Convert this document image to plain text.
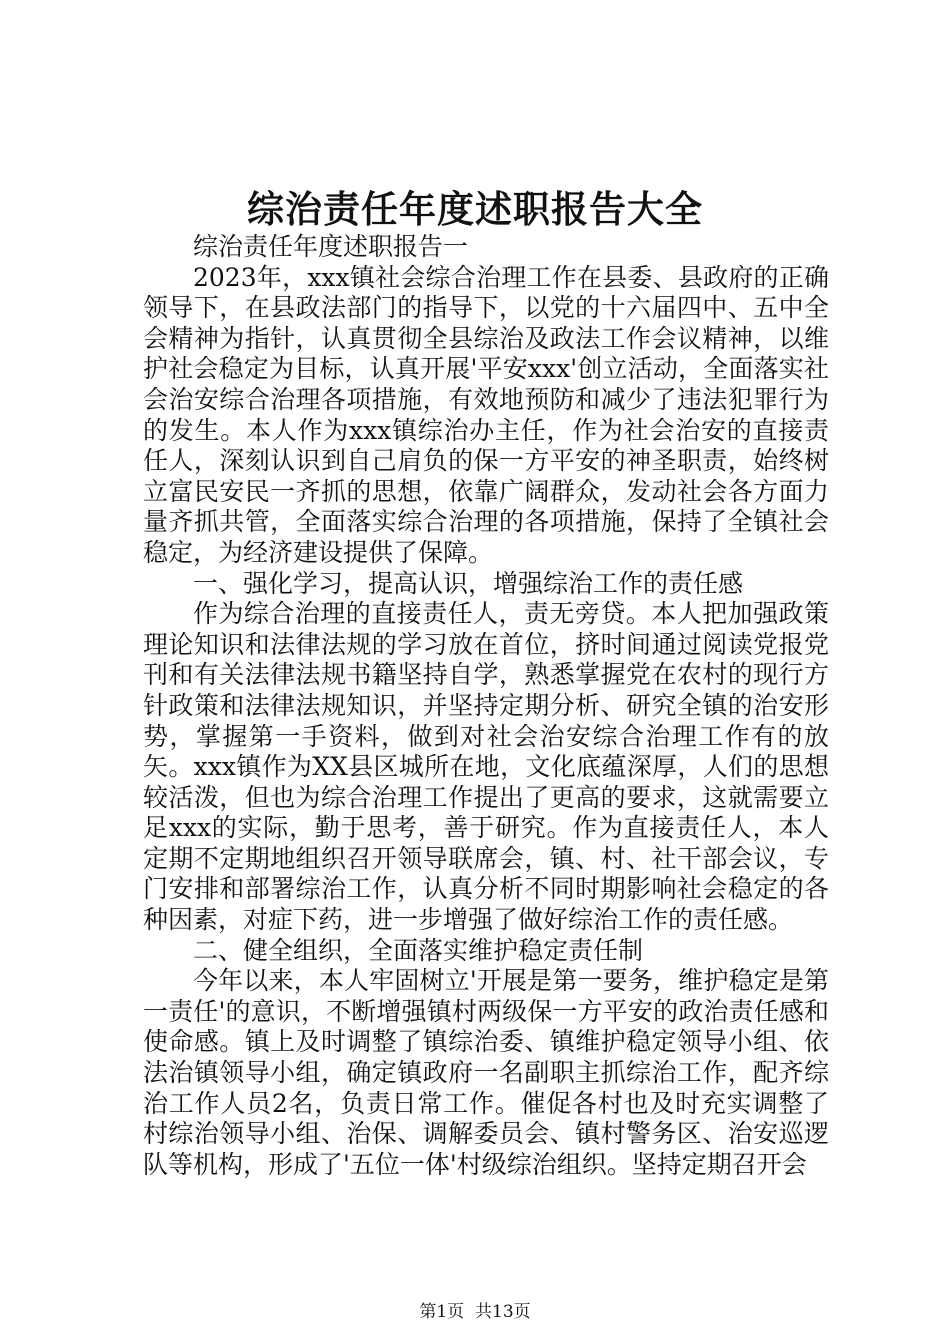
综治责任年度述职报告大全

综治责任年度述职报告一

2023年，xxx镇社会综合治理工作在县委、县政府的正确领导下，在县政法部门的指导下，以党的十六届四中、五中全会精神为指针，认真贯彻全县综治及政法工作会议精神，以维护社会稳定为目标，认真开展'平安xxx'创立活动，全面落实社会治安综合治理各项措施，有效地预防和减少了违法犯罪行为的发生。本人作为xxx镇综治办主任，作为社会治安的直接责任人，深刻认识到自己肩负的保一方平安的神圣职责，始终树立富民安民一齐抓的思想，依靠广阔群众，发动社会各方面力量齐抓共管，全面落实综合治理的各项措施，保持了全镇社会稳定，为经济建设提供了保障。

一、强化学习，提高认识，增强综治工作的责任感

作为综合治理的直接责任人，责无旁贷。本人把加强政策理论知识和法律法规的学习放在首位，挤时间通过阅读党报党刊和有关法律法规书籍坚持自学，熟悉掌握党在农村的现行方针政策和法律法规知识，并坚持定期分析、研究全镇的治安形势，掌握第一手资料，做到对社会治安综合治理工作有的放矢。xxx镇作为XX县区城所在地，文化底蕴深厚，人们的思想较活泼，但也为综合治理工作提出了更高的要求，这就需要立足xxx的实际，勤于思考，善于研究。作为直接责任人，本人定期不定期地组织召开领导联席会，镇、村、社干部会议，专门安排和部署综治工作，认真分析不同时期影响社会稳定的各种因素，对症下药，进一步增强了做好综治工作的责任感。

二、健全组织，全面落实维护稳定责任制

今年以来，本人牢固树立'开展是第一要务，维护稳定是第一责任'的意识，不断增强镇村两级保一方平安的政治责任感和使命感。镇上及时调整了镇综治委、镇维护稳定领导小组、依法治镇领导小组，确定镇政府一名副职主抓综治工作，配齐综治工作人员2名，负责日常工作。催促各村也及时充实调整了村综治领导小组、治保、调解委员会、镇村警务区、治安巡逻队等机构，形成了'五位一体'村级综治组织。坚持定期召开会

第1页 共13页
